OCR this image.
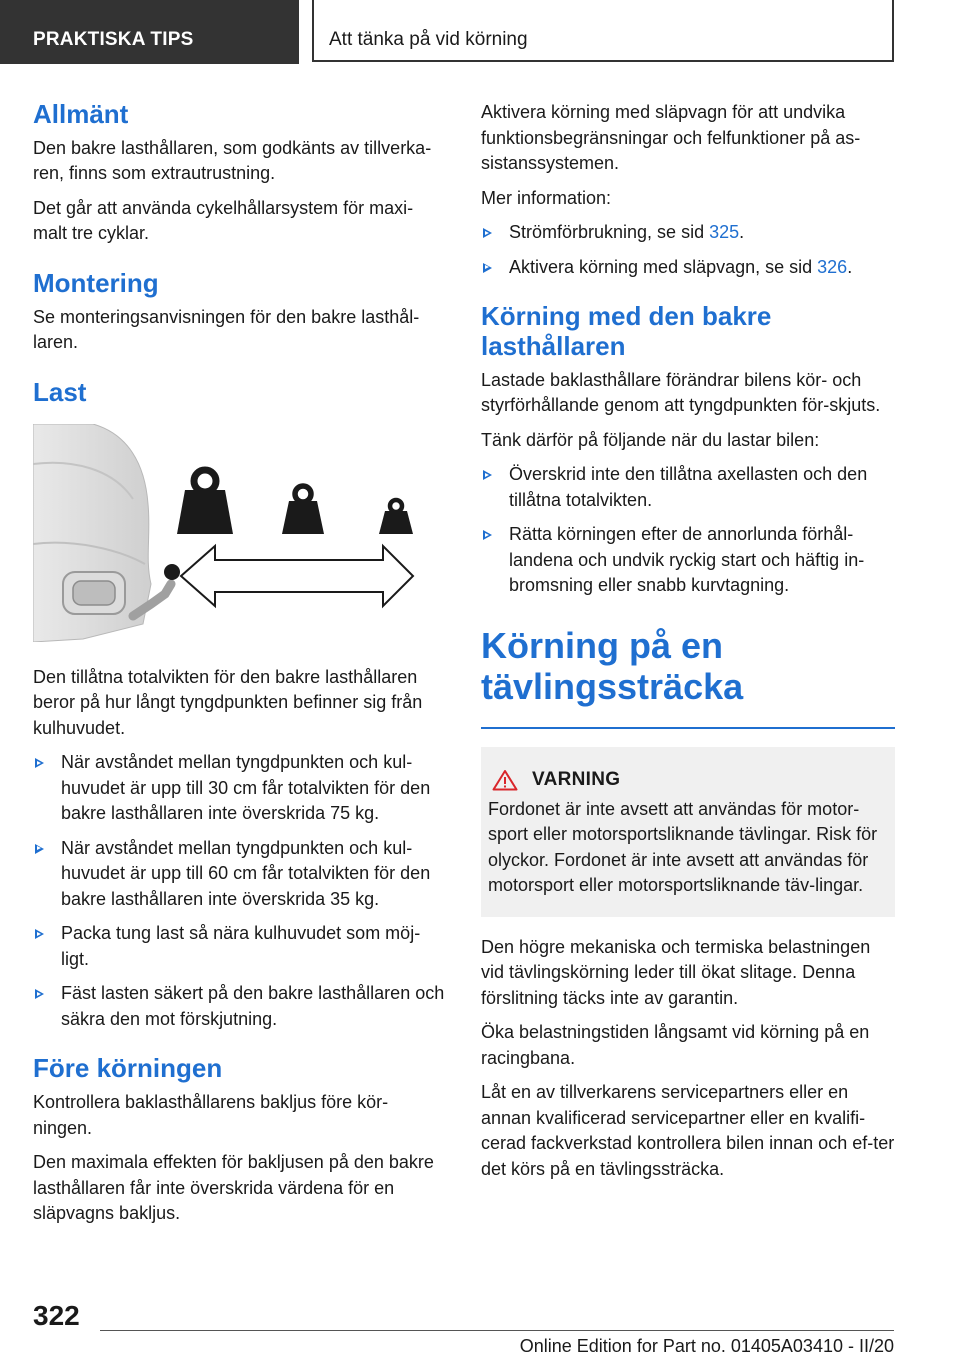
PRAKTISKA TIPS	Att tänka på vid körning
Allmänt

Den bakre lasthållaren, som godkänts av tillverka-ren, finns som extrautrustning.

Det går att använda cykelhållarsystem för maxi-malt tre cyklar.

Montering

Se monteringsanvisningen för den bakre lasthål-laren.

Last

Den tillåtna totalvikten för den bakre lasthållaren beror på hur långt tyngdpunkten befinner sig från kulhuvudet.

När avståndet mellan tyngdpunkten och kul-huvudet är upp till 30 cm får totalvikten för den bakre lasthållaren inte överskrida 75 kg.
När avståndet mellan tyngdpunkten och kul-huvudet är upp till 60 cm får totalvikten för den bakre lasthållaren inte överskrida 35 kg.
Packa tung last så nära kulhuvudet som möj-ligt.
Fäst lasten säkert på den bakre lasthållaren och säkra den mot förskjutning.
Före körningen

Kontrollera baklasthållarens bakljus före kör-ningen.

Den maximala effekten för bakljusen på den bakre lasthållaren får inte överskrida värdena för en släpvagns bakljus.

Aktivera körning med släpvagn för att undvika funktionsbegränsningar och felfunktioner på as-sistanssystemen.

Mer information:

Strömförbrukning, se sid 325.
Aktivera körning med släpvagn, se sid 326.
Körning med den bakre lasthållaren

Lastade baklasthållare förändrar bilens kör- och styrförhållande genom att tyngdpunkten för-skjuts.

Tänk därför på följande när du lastar bilen:

Överskrid inte den tillåtna axellasten och den tillåtna totalvikten.
Rätta körningen efter de annorlunda förhål-landena och undvik ryckig start och häftig in-bromsning eller snabb kurvtagning.
Körning på en tävlingssträcka
VARNING

Fordonet är inte avsett att användas för motor-sport eller motorsportsliknande tävlingar. Risk för olyckor. Fordonet är inte avsett att användas för motorsport eller motorsportsliknande täv-lingar.

Den högre mekaniska och termiska belastningen vid tävlingskörning leder till ökat slitage. Denna förslitning täcks inte av garantin.

Öka belastningstiden långsamt vid körning på en racingbana.

Låt en av tillverkarens servicepartners eller en annan kvalificerad servicepartner eller en kvalifi-cerad fackverkstad kontrollera bilen innan och ef-ter det körs på en tävlingssträcka.

322
Online Edition for Part no. 01405A03410 - II/20
